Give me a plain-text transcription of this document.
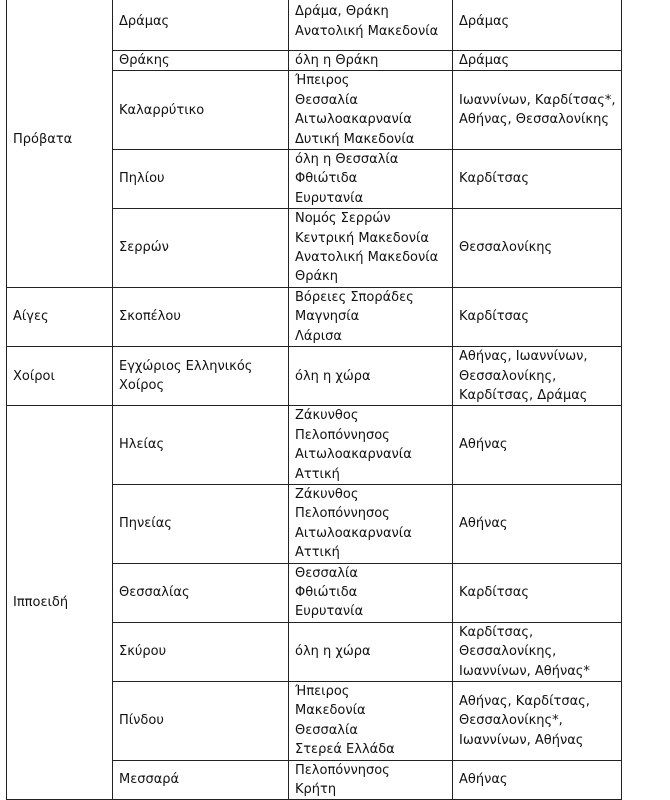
Πρόβατα	Δράμας	Δράμα, Θράκη
Ανατολική Μακεδονία	Δράμας

	Θράκης	όλη η Θράκη	Δράμας

	Καλαρρύτικο	Ήπειρος
Θεσσαλία
Αιτωλοακαρνανία
Δυτική Μακεδονία	Ιωαννίνων, Καρδίτσας*,
Αθήνας, Θεσσαλονίκης

	Πηλίου	όλη η Θεσσαλία
Φθιώτιδα
Ευρυτανία	Καρδίτσας

	Σερρών	Νομός Σερρών
Κεντρική Μακεδονία
Ανατολική Μακεδονία
Θράκη	Θεσσαλονίκης

Αίγες	Σκοπέλου	Βόρειες Σποράδες
Μαγνησία
Λάρισα	Καρδίτσας

Χοίροι	Εγχώριος Ελληνικός Χοίρος	όλη η χώρα	Αθήνας, Ιωαννίνων,
Θεσσαλονίκης,
Καρδίτσας, Δράμας

Ιπποειδή	Ηλείας	Ζάκυνθος
Πελοπόννησος
Αιτωλοακαρνανία
Αττική	Αθήνας

	Πηνείας	Ζάκυνθος
Πελοπόννησος
Αιτωλοακαρνανία
Αττική	Αθήνας

	Θεσσαλίας	Θεσσαλία
Φθιώτιδα
Ευρυτανία	Καρδίτσας

	Σκύρου	όλη η χώρα	Καρδίτσας,
Θεσσαλονίκης,
Ιωαννίνων, Αθήνας*

	Πίνδου	Ήπειρος
Μακεδονία
Θεσσαλία
Στερεά Ελλάδα	Αθήνας, Καρδίτσας,
Θεσσαλονίκης*,
Ιωαννίνων, Αθήνας

	Μεσσαρά	Πελοπόννησος
Κρήτη	Αθήνας
